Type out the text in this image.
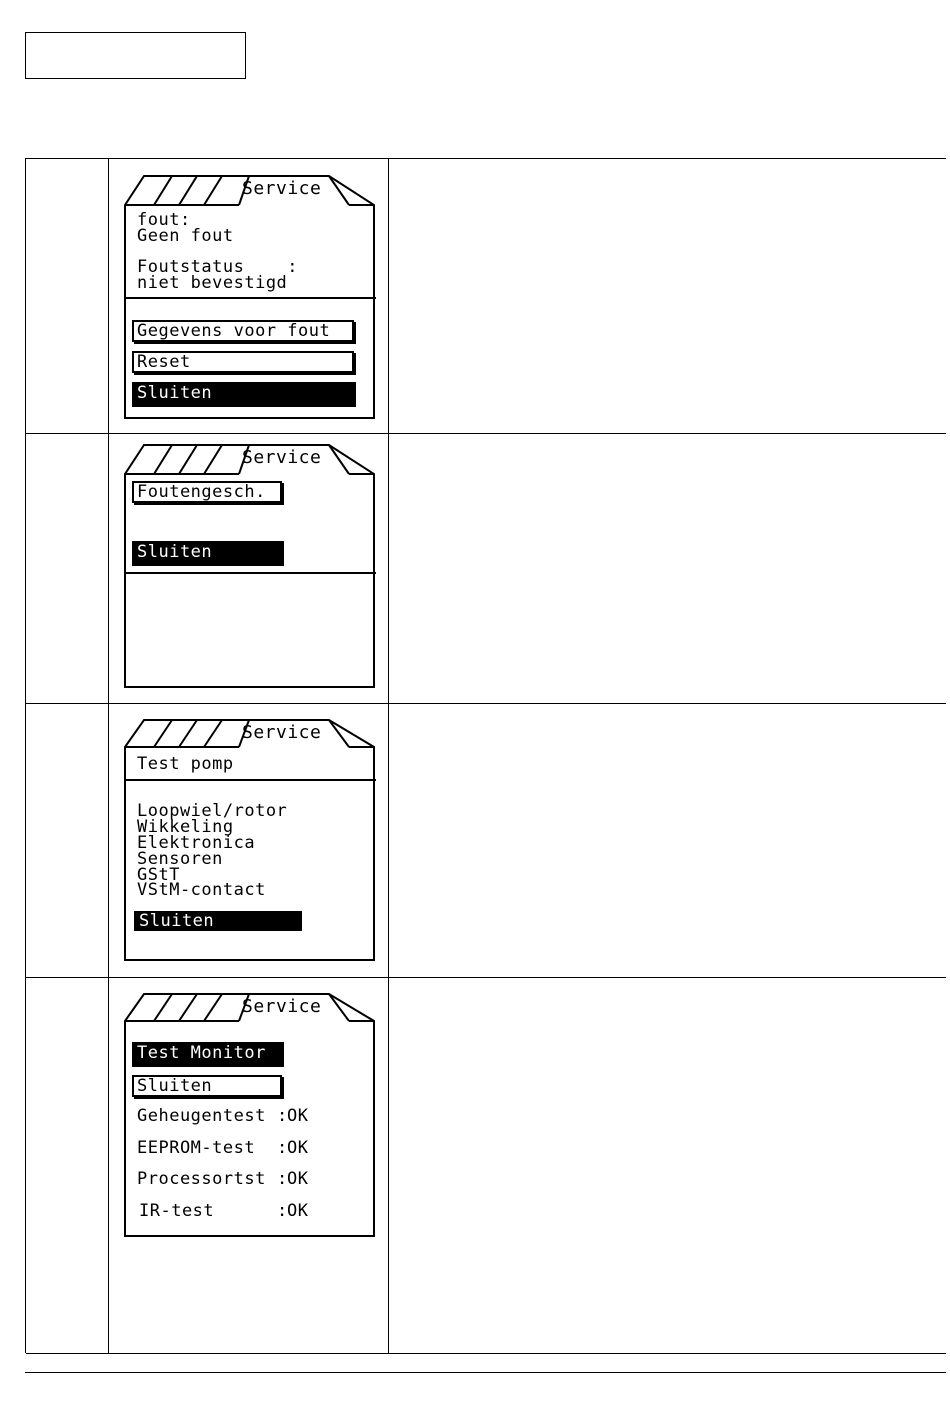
Service
fout:
Geen fout
Foutstatus    :
niet bevestigd
Gegevens voor fout
Reset
Sluiten
Service
Foutengesch.
Sluiten
Service
Test pomp
Loopwiel/rotor
Wikkeling
Elektronica
Sensoren
GStT
VStM-contact
Sluiten
Service
Test Monitor
Sluiten
Geheugentest : OK
EEPROM-test : OK
Processortst : OK
IR-test : OK
